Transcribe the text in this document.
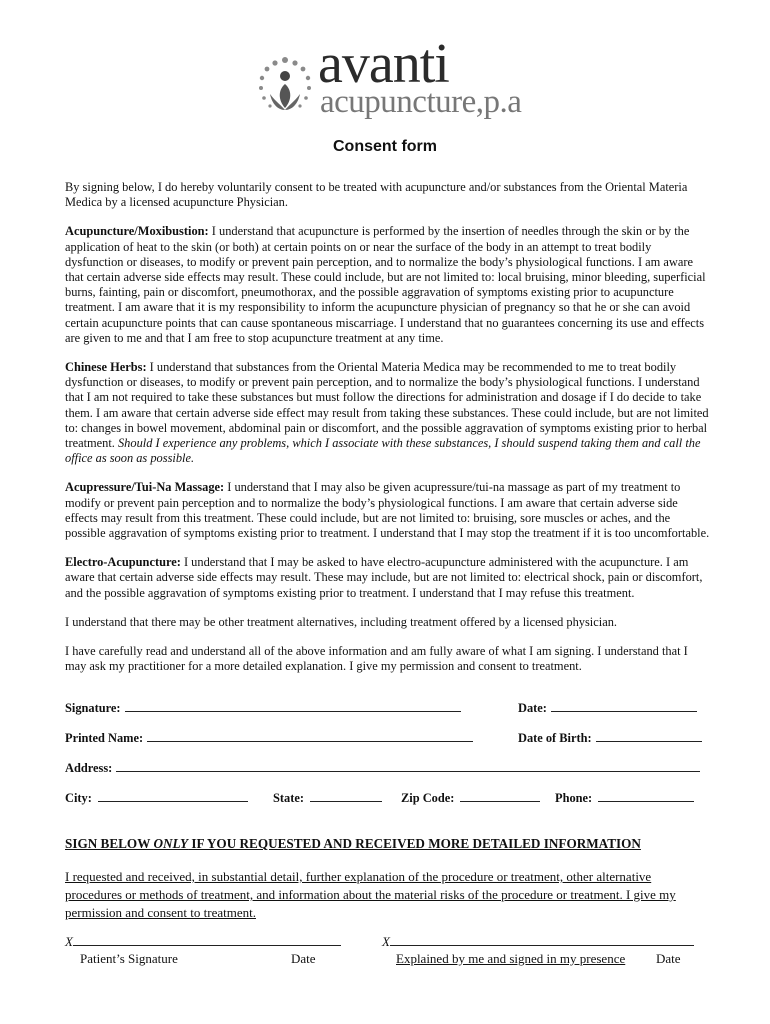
avanti
acupuncture,p.a
Consent form

By signing below, I do hereby voluntarily consent to be treated with acupuncture and/or substances from the Oriental Materia Medica by a licensed acupuncture Physician.

Acupuncture/Moxibustion: I understand that acupuncture is performed by the insertion of needles through the skin or by the application of heat to the skin (or both) at certain points on or near the surface of the body in an attempt to treat bodily dysfunction or diseases, to modify or prevent pain perception, and to normalize the body’s physiological functions. I am aware that certain adverse side effects may result. These could include, but are not limited to: local bruising, minor bleeding, superficial burns, fainting, pain or discomfort, pneumothorax, and the possible aggravation of symptoms existing prior to acupuncture treatment. I am aware that it is my responsibility to inform the acupuncture physician of pregnancy so that he or she can avoid certain acupuncture points that can cause spontaneous miscarriage. I understand that no guarantees concerning its use and effects are given to me and that I am free to stop acupuncture treatment at any time.

Chinese Herbs: I understand that substances from the Oriental Materia Medica may be recommended to me to treat bodily dysfunction or diseases, to modify or prevent pain perception, and to normalize the body’s physiological functions. I understand that I am not required to take these substances but must follow the directions for administration and dosage if I do decide to take them. I am aware that certain adverse side effect may result from taking these substances. These could include, but are not limited to: changes in bowel movement, abdominal pain or discomfort, and the possible aggravation of symptoms existing prior to herbal treatment. Should I experience any problems, which I associate with these substances, I should suspend taking them and call the office as soon as possible.

Acupressure/Tui-Na Massage: I understand that I may also be given acupressure/tui-na massage as part of my treatment to modify or prevent pain perception and to normalize the body’s physiological functions. I am aware that certain adverse side effects may result from this treatment. These could include, but are not limited to: bruising, sore muscles or aches, and the possible aggravation of symptoms existing prior to treatment. I understand that I may stop the treatment if it is too uncomfortable.

Electro-Acupuncture: I understand that I may be asked to have electro-acupuncture administered with the acupuncture. I am aware that certain adverse side effects may result. These may include, but are not limited to: electrical shock, pain or discomfort, and the possible aggravation of symptoms existing prior to treatment. I understand that I may refuse this treatment.

I understand that there may be other treatment alternatives, including treatment offered by a licensed physician.

I have carefully read and understand all of the above information and am fully aware of what I am signing. I understand that I may ask my practitioner for a more detailed explanation. I give my permission and consent to treatment.

Signature:	Date:
Printed Name:	Date of Birth:
Address:
City:	State:	Zip Code:	Phone:
SIGN BELOW ONLY IF YOU REQUESTED AND RECEIVED MORE DETAILED INFORMATION
I requested and received, in substantial detail, further explanation of the procedure or treatment, other alternative procedures or methods of treatment, and information about the material risks of the procedure or treatment. I give my permission and consent to treatment.
X	X
Patient’s Signature	Date	Explained by me and signed in my presence Date
